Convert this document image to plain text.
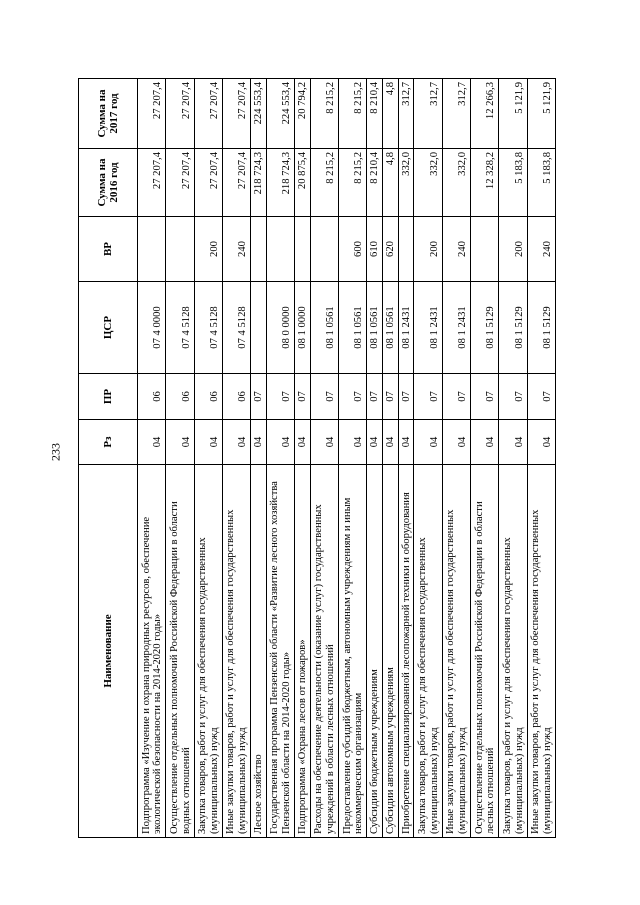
233
Наименование	Рз	ПР	ЦСР	ВР	Сумма на 2016 год	Сумма на 2017 год
Подпрограмма «Изучение и охрана природных ресурсов, обеспечение экологической безопасности на 2014-2020 годы»	04	06	07 4 0000		27 207,4	27 207,4
Осуществление отдельных полномочий Российской Федерации в области водных отношений	04	06	07 4 5128		27 207,4	27 207,4
Закупка товаров, работ и услуг для обеспечения государственных (муниципальных) нужд	04	06	07 4 5128	200	27 207,4	27 207,4
Иные закупки товаров, работ и услуг для обеспечения государственных (муниципальных) нужд	04	06	07 4 5128	240	27 207,4	27 207,4
Лесное хозяйство	04	07			218 724,3	224 553,4
Государственная программа Пензенской области «Развитие лесного хозяйства Пензенской области на 2014-2020 годы»	04	07	08 0 0000		218 724,3	224 553,4
Подпрограмма «Охрана лесов от пожаров»	04	07	08 1 0000		20 875,4	20 794,2
Расходы на обеспечение деятельности (оказание услуг) государственных учреждений в области лесных отношений	04	07	08 1 0561		8 215,2	8 215,2
Предоставление субсидий бюджетным, автономным учреждениям и иным некоммерческим организациям	04	07	08 1 0561	600	8 215,2	8 215,2
Субсидии бюджетным учреждениям	04	07	08 1 0561	610	8 210,4	8 210,4
Субсидии автономным учреждениям	04	07	08 1 0561	620	4,8	4,8
Приобретение специализированной лесопожарной техники и оборудования	04	07	08 1 2431		332,0	312,7
Закупка товаров, работ и услуг для обеспечения государственных (муниципальных) нужд	04	07	08 1 2431	200	332,0	312,7
Иные закупки товаров, работ и услуг для обеспечения государственных (муниципальных) нужд	04	07	08 1 2431	240	332,0	312,7
Осуществление отдельных полномочий Российской Федерации в области лесных отношений	04	07	08 1 5129		12 328,2	12 266,3
Закупка товаров, работ и услуг для обеспечения государственных (муниципальных) нужд	04	07	08 1 5129	200	5 183,8	5 121,9
Иные закупки товаров, работ и услуг для обеспечения государственных (муниципальных) нужд	04	07	08 1 5129	240	5 183,8	5 121,9
